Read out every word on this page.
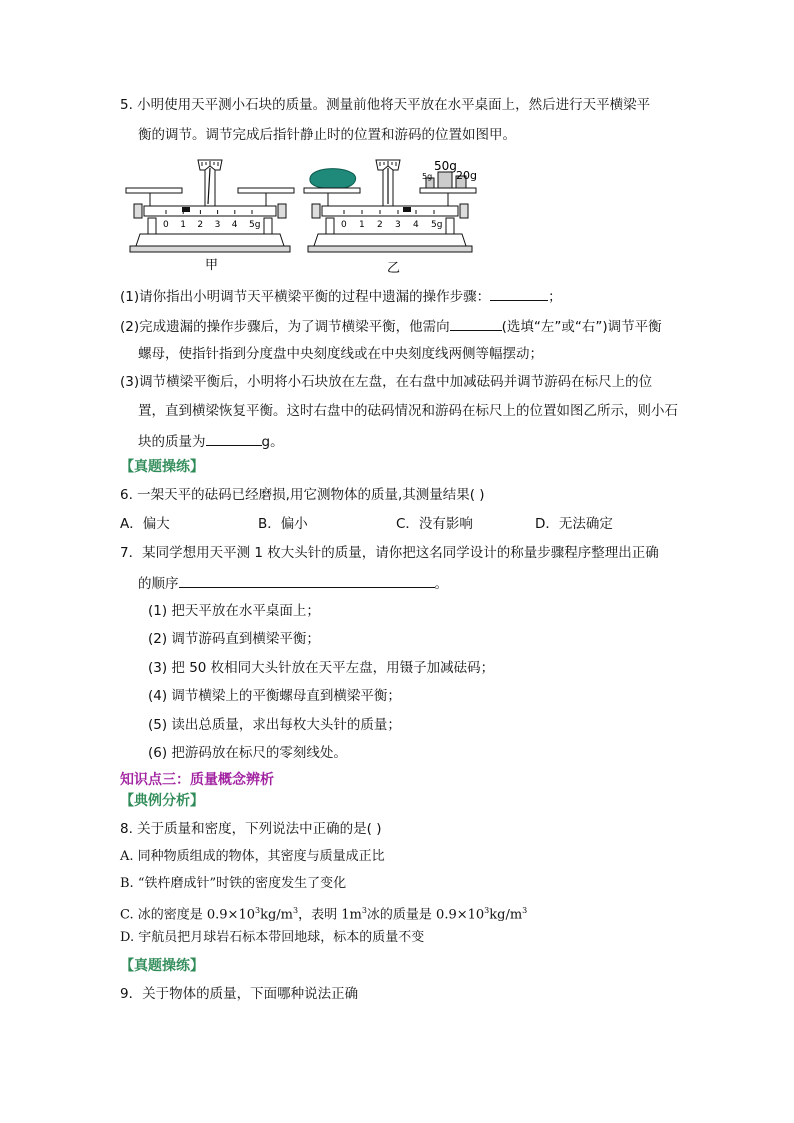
5. 小明使用天平测小石块的质量。测量前他将天平放在水平桌面上，然后进行天平横梁平
衡的调节。调节完成后指针静止时的位置和游码的位置如图甲。
0 1 2 3 4 5g
甲
50g
20g
5g
0 1 2 3 4 5g
乙
(1)请你指出小明调节天平横梁平衡的过程中遗漏的操作步骤：	；
(2)完成遗漏的操作步骤后，为了调节横梁平衡，他需向	(选填“左”或“右”)调节平衡
螺母，使指针指到分度盘中央刻度线或在中央刻度线两侧等幅摆动；
(3)调节横梁平衡后，小明将小石块放在左盘，在右盘中加减砝码并调节游码在标尺上的位
置，直到横梁恢复平衡。这时右盘中的砝码情况和游码在标尺上的位置如图乙所示，则小石
块的质量为	g。
【真题操练】
6. 一架天平的砝码已经磨损,用它测物体的质量,其测量结果( )
A．偏大	B．偏小	C．没有影响	D．无法确定
7．某同学想用天平测 1 枚大头针的质量，请你把这名同学设计的称量步骤程序整理出正确
的顺序	。
(1) 把天平放在水平桌面上；
(2) 调节游码直到横梁平衡；
(3) 把 50 枚相同大头针放在天平左盘，用镊子加减砝码；
(4) 调节横梁上的平衡螺母直到横梁平衡；
(5) 读出总质量，求出每枚大头针的质量；
(6) 把游码放在标尺的零刻线处。
知识点三：质量概念辨析
【典例分析】
8. 关于质量和密度，下列说法中正确的是( )
A. 同种物质组成的物体，其密度与质量成正比
B. “铁杵磨成针”时铁的密度发生了变化
C. 冰的密度是 $0.9\times 10^3kg/m^3$，表明 $1m^3$冰的质量是 $0.9\times 10^3kg/m^3$
D. 宇航员把月球岩石标本带回地球，标本的质量不变
【真题操练】
9．关于物体的质量，下面哪种说法正确
